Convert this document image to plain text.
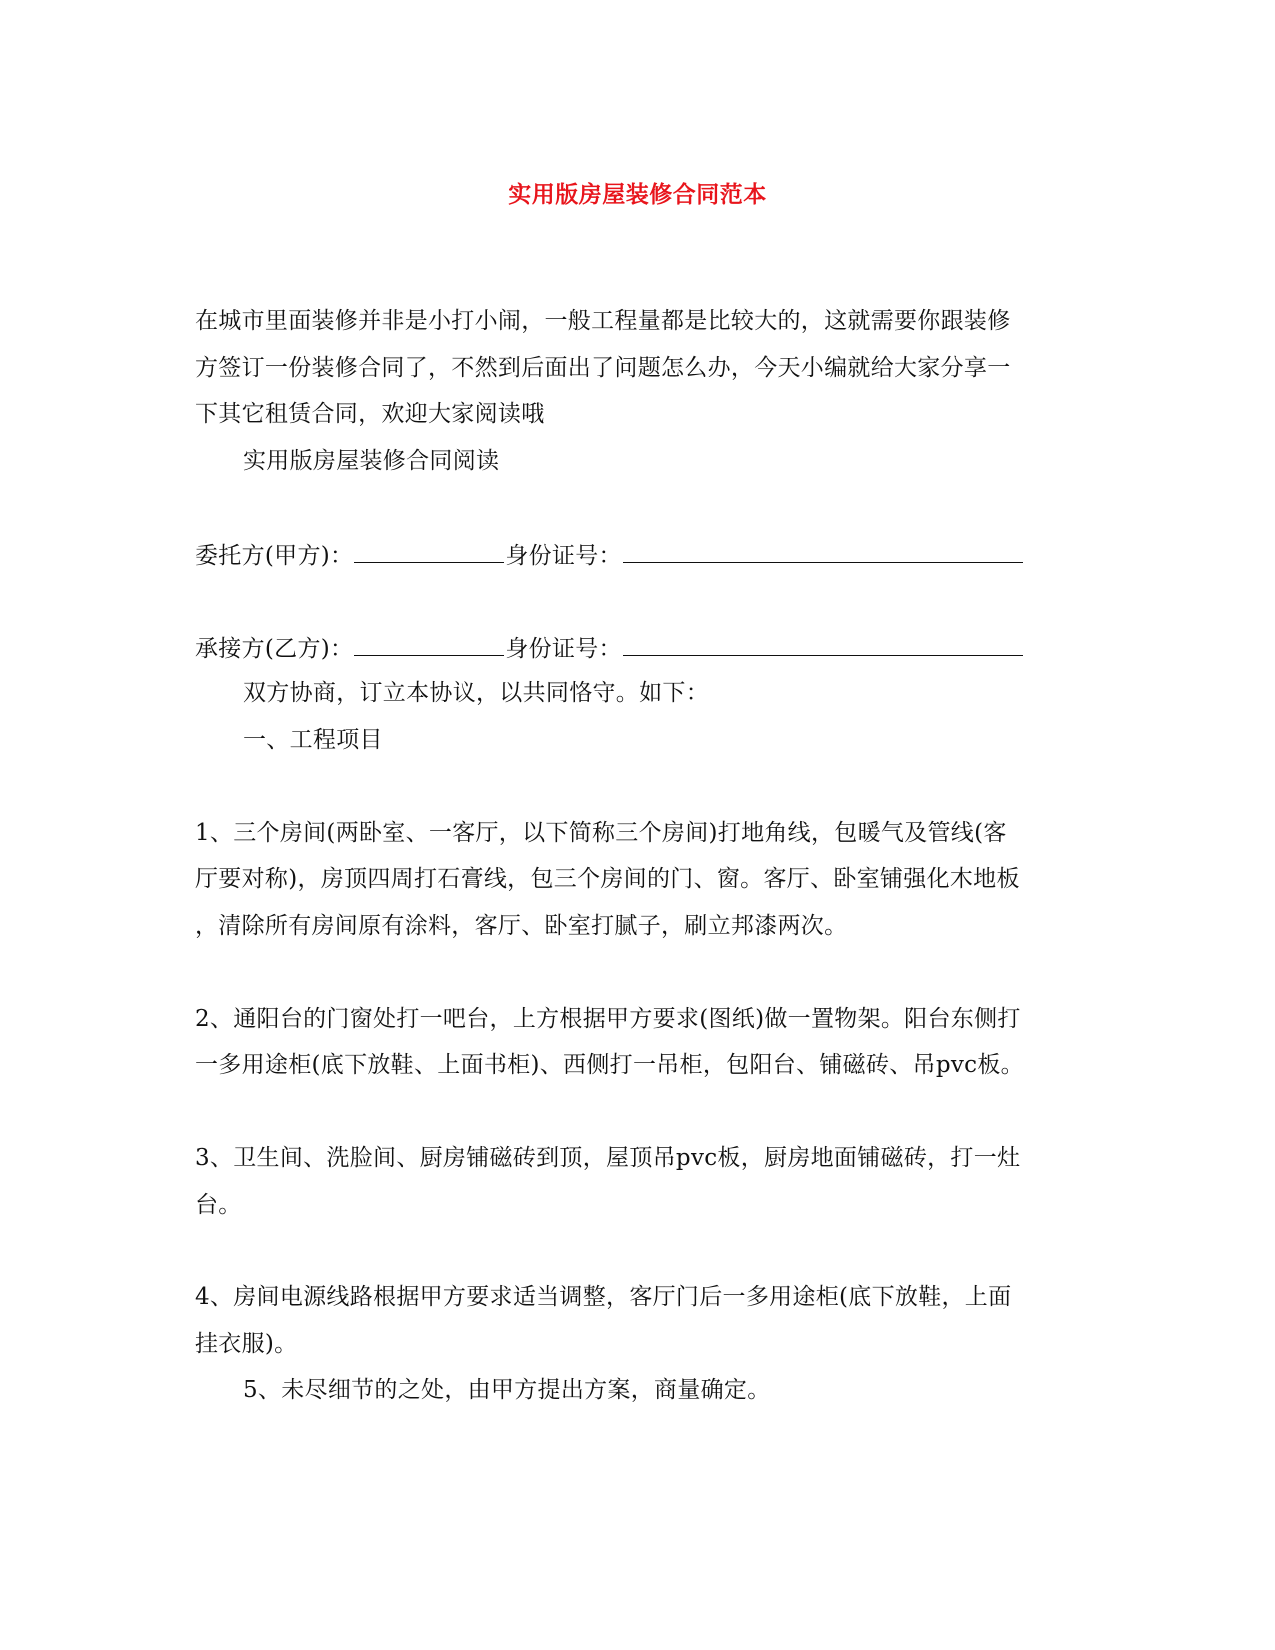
实用版房屋装修合同范本
在城市里面装修并非是小打小闹，一般工程量都是比较大的，这就需要你跟装修
方签订一份装修合同了，不然到后面出了问题怎么办，今天小编就给大家分享一
下其它租赁合同，欢迎大家阅读哦
实用版房屋装修合同阅读
委托方(甲方)：	身份证号：
承接方(乙方)：	身份证号：
双方协商，订立本协议，以共同恪守。如下：
一、工程项目
1、三个房间(两卧室、一客厅，以下简称三个房间)打地角线，包暖气及管线(客
厅要对称)，房顶四周打石膏线，包三个房间的门、窗。客厅、卧室铺强化木地板
，清除所有房间原有涂料，客厅、卧室打腻子，刷立邦漆两次。
2、通阳台的门窗处打一吧台，上方根据甲方要求(图纸)做一置物架。阳台东侧打
一多用途柜(底下放鞋、上面书柜)、西侧打一吊柜，包阳台、铺磁砖、吊pvc板。
3、卫生间、洗脸间、厨房铺磁砖到顶，屋顶吊pvc板，厨房地面铺磁砖，打一灶
台。
4、房间电源线路根据甲方要求适当调整，客厅门后一多用途柜(底下放鞋，上面
挂衣服)。
5、未尽细节的之处，由甲方提出方案，商量确定。
